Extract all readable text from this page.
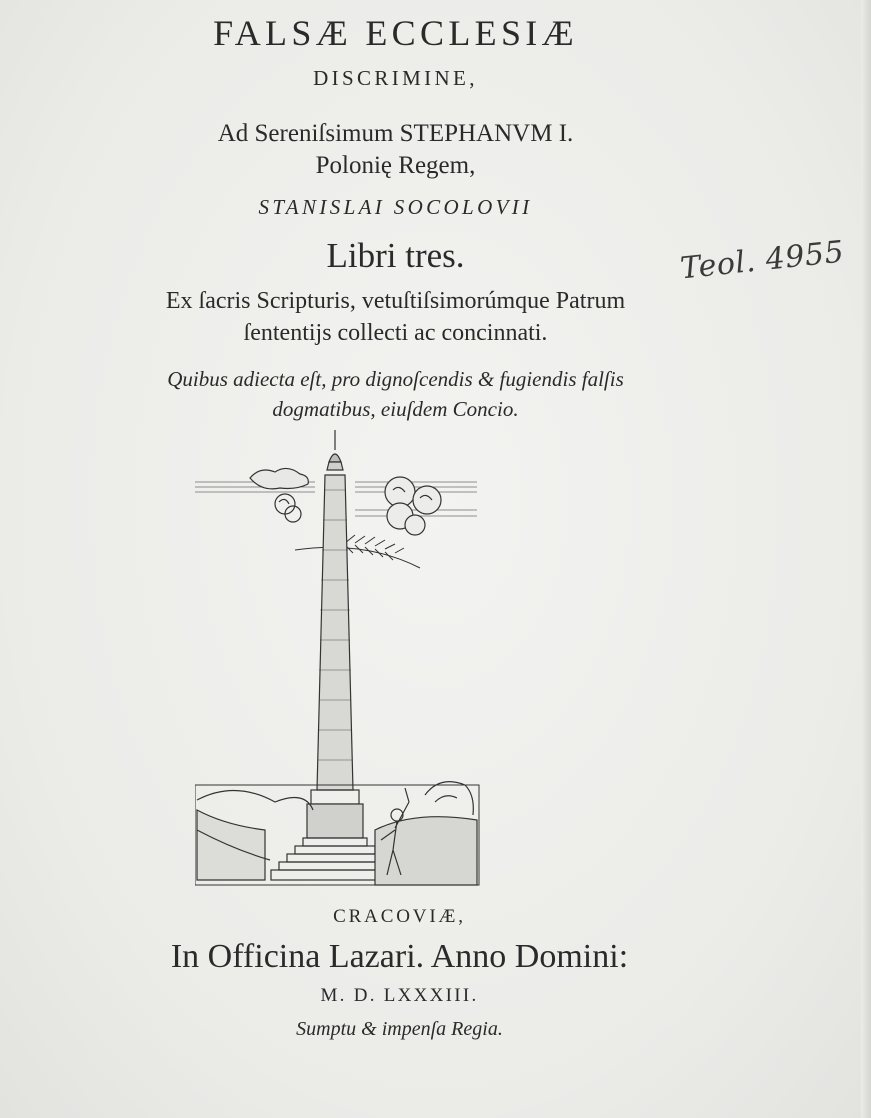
FALSÆ ECCLESIÆ
DISCRIMINE,
Ad Sereniſsimum STEPHANVM I.
Polonię Regem,
STANISLAI SOCOLOVII
Libri tres.
Ex ſacris Scripturis, vetuſtiſsimorúmque Patrum
ſententijs collecti ac concinnati.
Quibus adiecta eſt, pro dignoſcendis & fugiendis falſis
dogmatibus, eiuſdem Concio.
Teol. 4955
CRACOVIÆ,
In Officina Lazari. Anno Domini:
M. D. LXXXIII.
Sumptu & impenſa Regia.
